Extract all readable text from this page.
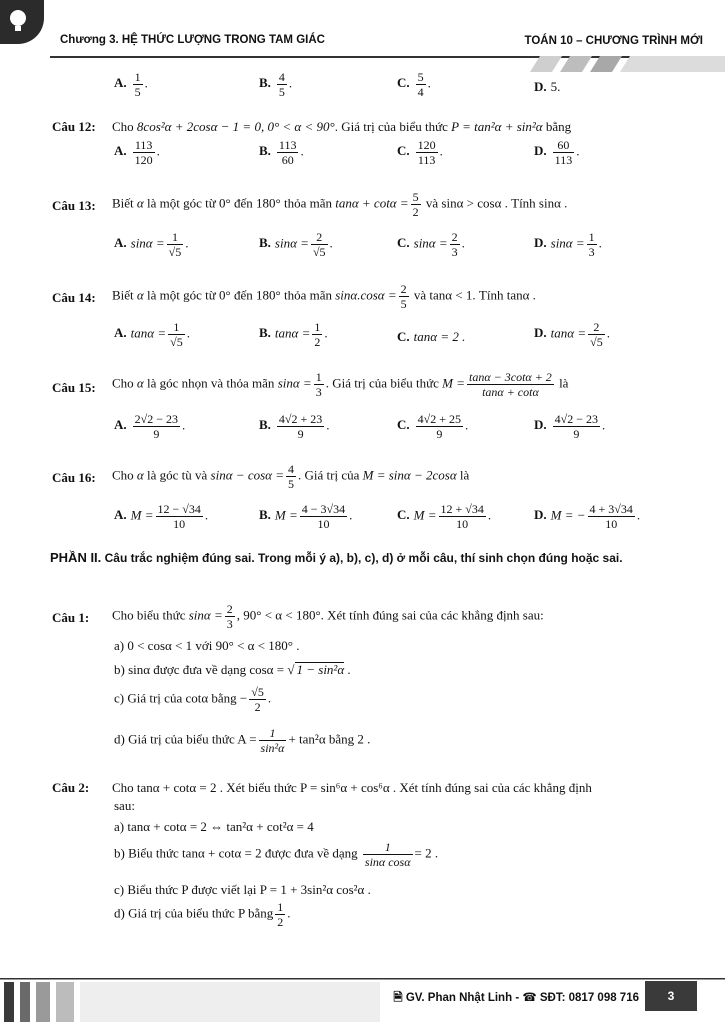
Chương 3. HỆ THỨC LƯỢNG TRONG TAM GIÁC	TOÁN 10 – CHƯƠNG TRÌNH MỚI
A. $\frac{1}{5}$ .	B. $\frac{4}{5}$ .	C. $\frac{5}{4}$ .	D. 5.
Câu 12: Cho 8cos²α + 2cosα − 1 = 0, 0° < α < 90°. Giá trị của biểu thức P = tan²α + sin²α bằng
A. $\frac{113}{120}$ .	B. $\frac{113}{60}$ .	C. $\frac{120}{113}$ .	D. $\frac{60}{113}$ .
Câu 13: Biết α là một góc từ 0° đến 180° thỏa mãn $\tan\alpha + \cot\alpha = \frac{5}{2}$ và sinα > cosα . Tính sinα .
A. $\sin\alpha = \frac{1}{√5}$ .	B. $\sin\alpha = \frac{2}{√5}$ .	C. $\sin\alpha = \frac{2}{3}$ .	D. $\sin\alpha = \frac{1}{3}$ .
Câu 14: Biết α là một góc từ 0° đến 180° thỏa mãn $\sin\alpha.\cos\alpha = \frac{2}{5}$ và tanα < 1. Tính tanα .
A. $\tan\alpha = \frac{1}{√5}$ .	B. $\tan\alpha = \frac{1}{2}$ .	C. tanα = 2 .	D. $\tan\alpha = \frac{2}{√5}$ .
Câu 15: Cho α là góc nhọn và thỏa mãn $\sin\alpha = \frac{1}{3}$ . Giá trị của biểu thức $M = \frac{\tan\alpha - 3\cot\alpha + 2}{\tan\alpha + \cot\alpha}$ là
A. $\frac{2√2 - 23}{9}$ .	B. $\frac{4√2 + 23}{9}$ .	C. $\frac{4√2 + 25}{9}$ .	D. $\frac{4√2 - 23}{9}$ .
Câu 16: Cho α là góc tù và $\sin\alpha - \cos\alpha = \frac{4}{5}$ . Giá trị của M = sinα − 2cosα là
A. $M = \frac{12 - √34}{10}$ .	B. $M = \frac{4 - 3√34}{10}$ .	C. $M = \frac{12 + √34}{10}$ .	D. M = − $\frac{4 + 3√34}{10}$ .
PHẦN II. Câu trắc nghiệm đúng sai. Trong mỗi ý a), b), c), d) ở mỗi câu, thí sinh chọn đúng hoặc sai.
Câu 1: Cho biểu thức $\sin\alpha = \frac{2}{3}$ , 90° < α < 180°. Xét tính đúng sai của các khẳng định sau:
a) 0 < cosα < 1 với 90° < α < 180° .
b) sinα được đưa về dạng cosα = √ 1 − sin²α .
c) Giá trị của cotα bằng − $\frac{√5}{2}$ .
d) Giá trị của biểu thức $A = \frac{1}{\text{sin²α}} + \tan^2\alpha$ bằng 2 .
Câu 2: Cho tanα + cotα = 2 . Xét biểu thức P = sin⁶α + cos⁶α . Xét tính đúng sai của các khẳng định
sau:
a) tanα + cotα = 2 ⇔ tan²α + cot²α = 4
b) Biểu thức tanα + cotα = 2 được đưa về dạng $\frac{1}{\text{sinα cosα}} = 2$ .
c) Biểu thức P được viết lại P = 1 + 3sin²α cos²α .
d) Giá trị của biểu thức P bằng $\frac{1}{2}$ .
🗎 GV. Phan Nhật Linh - ☎ SĐT: 0817 098 716	3
